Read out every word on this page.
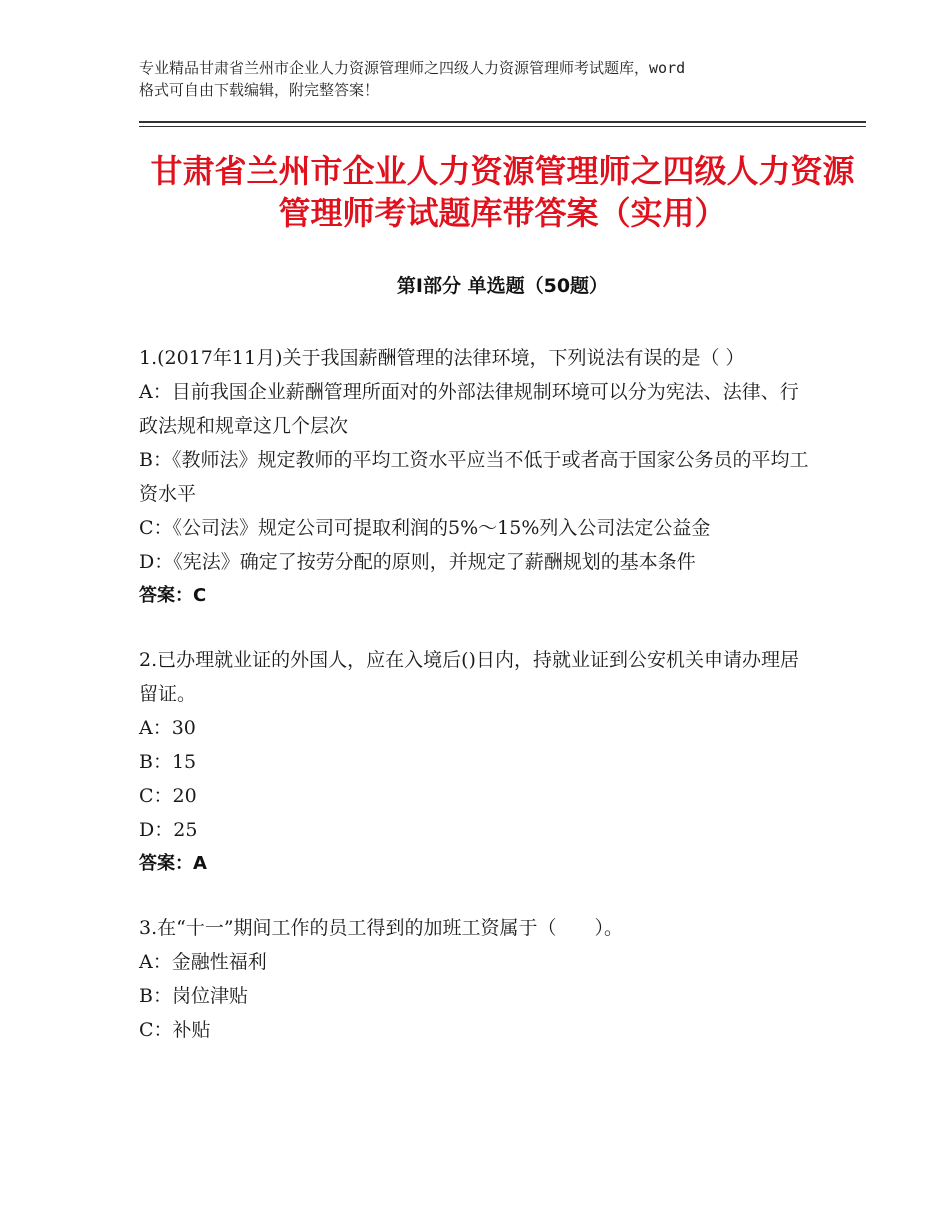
专业精品甘肃省兰州市企业人力资源管理师之四级人力资源管理师考试题库，word
格式可自由下载编辑，附完整答案！
甘肃省兰州市企业人力资源管理师之四级人力资源管理师考试题库带答案（实用）
第Ⅰ部分 单选题（50题）

1.(2017年11月)关于我国薪酬管理的法律环境，下列说法有误的是（ ）

A：目前我国企业薪酬管理所面对的外部法律规制环境可以分为宪法、法律、行政法规和规章这几个层次

B：《教师法》规定教师的平均工资水平应当不低于或者高于国家公务员的平均工资水平

C：《公司法》规定公司可提取利润的5%～15%列入公司法定公益金

D：《宪法》确定了按劳分配的原则，并规定了薪酬规划的基本条件

答案：C

2.已办理就业证的外国人，应在入境后()日内，持就业证到公安机关申请办理居留证。

A：30

B：15

C：20

D：25

答案：A

3.在“十一”期间工作的员工得到的加班工资属于（　　）。

A：金融性福利

B：岗位津贴

C：补贴
